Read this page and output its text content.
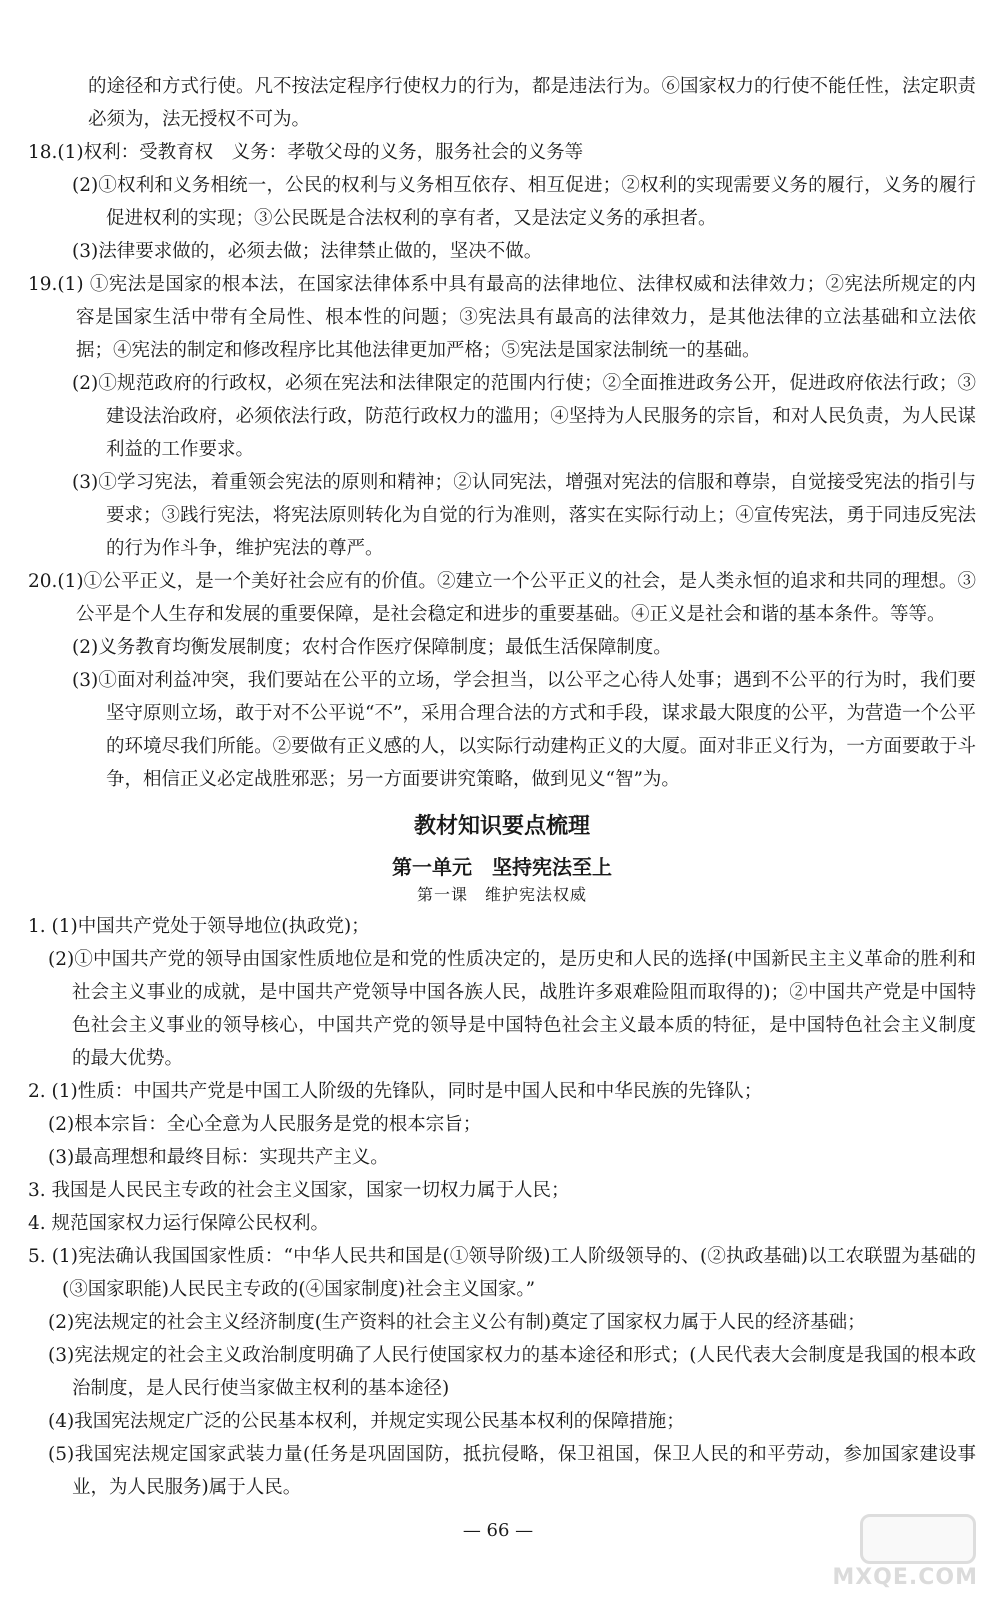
的途径和方式行使。凡不按法定程序行使权力的行为，都是违法行为。⑥国家权力的行使不能任性，法定职责必须为，法无授权不可为。
18.(1)权利：受教育权　义务：孝敬父母的义务，服务社会的义务等
(2)①权利和义务相统一，公民的权利与义务相互依存、相互促进；②权利的实现需要义务的履行，义务的履行促进权利的实现；③公民既是合法权利的享有者，又是法定义务的承担者。
(3)法律要求做的，必须去做；法律禁止做的，坚决不做。
19.(1) ①宪法是国家的根本法，在国家法律体系中具有最高的法律地位、法律权威和法律效力；②宪法所规定的内容是国家生活中带有全局性、根本性的问题；③宪法具有最高的法律效力，是其他法律的立法基础和立法依据；④宪法的制定和修改程序比其他法律更加严格；⑤宪法是国家法制统一的基础。
(2)①规范政府的行政权，必须在宪法和法律限定的范围内行使；②全面推进政务公开，促进政府依法行政；③建设法治政府，必须依法行政，防范行政权力的滥用；④坚持为人民服务的宗旨，和对人民负责，为人民谋利益的工作要求。
(3)①学习宪法，着重领会宪法的原则和精神；②认同宪法，增强对宪法的信服和尊崇，自觉接受宪法的指引与要求；③践行宪法，将宪法原则转化为自觉的行为准则，落实在实际行动上；④宣传宪法，勇于同违反宪法的行为作斗争，维护宪法的尊严。
20.(1)①公平正义，是一个美好社会应有的价值。②建立一个公平正义的社会，是人类永恒的追求和共同的理想。③公平是个人生存和发展的重要保障，是社会稳定和进步的重要基础。④正义是社会和谐的基本条件。等等。
(2)义务教育均衡发展制度；农村合作医疗保障制度；最低生活保障制度。
(3)①面对利益冲突，我们要站在公平的立场，学会担当，以公平之心待人处事；遇到不公平的行为时，我们要坚守原则立场，敢于对不公平说“不”，采用合理合法的方式和手段，谋求最大限度的公平，为营造一个公平的环境尽我们所能。②要做有正义感的人，以实际行动建构正义的大厦。面对非正义行为，一方面要敢于斗争，相信正义必定战胜邪恶；另一方面要讲究策略，做到见义“智”为。
教材知识要点梳理
第一单元　坚持宪法至上
第一课　维护宪法权威
1. (1)中国共产党处于领导地位(执政党)；
(2)①中国共产党的领导由国家性质地位是和党的性质决定的，是历史和人民的选择(中国新民主主义革命的胜利和社会主义事业的成就，是中国共产党领导中国各族人民，战胜许多艰难险阻而取得的)；②中国共产党是中国特色社会主义事业的领导核心，中国共产党的领导是中国特色社会主义最本质的特征，是中国特色社会主义制度的最大优势。
2. (1)性质：中国共产党是中国工人阶级的先锋队，同时是中国人民和中华民族的先锋队；
(2)根本宗旨：全心全意为人民服务是党的根本宗旨；
(3)最高理想和最终目标：实现共产主义。
3. 我国是人民民主专政的社会主义国家，国家一切权力属于人民；
4. 规范国家权力运行保障公民权利。
5. (1)宪法确认我国国家性质：“中华人民共和国是(①领导阶级)工人阶级领导的、(②执政基础)以工农联盟为基础的(③国家职能)人民民主专政的(④国家制度)社会主义国家。”
(2)宪法规定的社会主义经济制度(生产资料的社会主义公有制)奠定了国家权力属于人民的经济基础；
(3)宪法规定的社会主义政治制度明确了人民行使国家权力的基本途径和形式；(人民代表大会制度是我国的根本政治制度，是人民行使当家做主权利的基本途径)
(4)我国宪法规定广泛的公民基本权利，并规定实现公民基本权利的保障措施；
(5)我国宪法规定国家武装力量(任务是巩固国防，抵抗侵略，保卫祖国，保卫人民的和平劳动，参加国家建设事业，为人民服务)属于人民。
— 66 —
MXQE.COM
